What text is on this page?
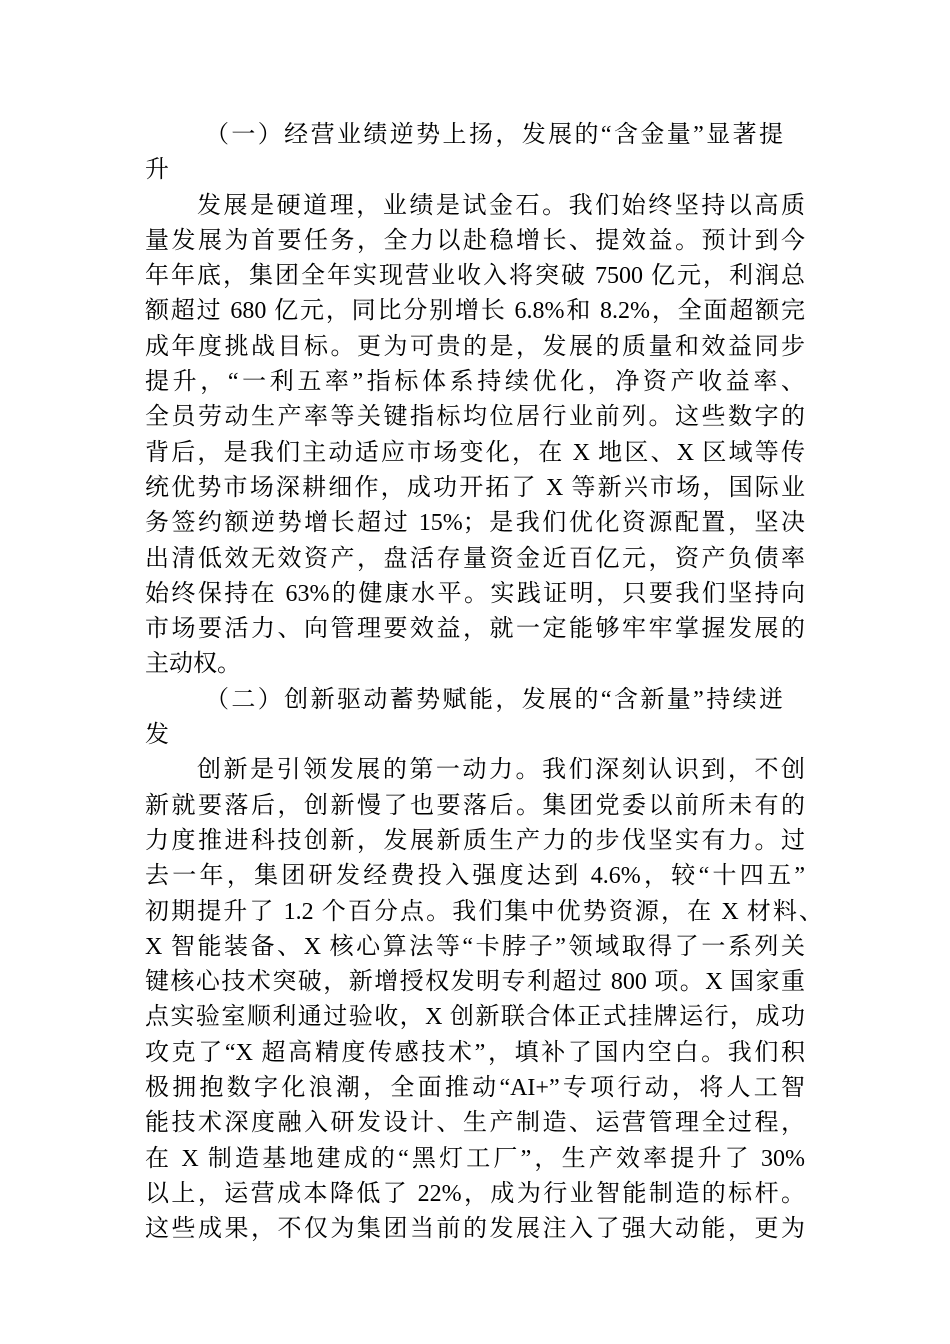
（一）经营业绩逆势上扬，发展的“含金量”显著提
升
发展是硬道理，业绩是试金石。我们始终坚持以高质
量发展为首要任务，全力以赴稳增长、提效益。预计到今
年年底，集团全年实现营业收入将突破 7500 亿元，利润总
额超过 680 亿元，同比分别增长 6.8%和 8.2%，全面超额完
成年度挑战目标。更为可贵的是，发展的质量和效益同步
提升，“一利五率”指标体系持续优化，净资产收益率、
全员劳动生产率等关键指标均位居行业前列。这些数字的
背后，是我们主动适应市场变化，在 X 地区、X 区域等传
统优势市场深耕细作，成功开拓了 X 等新兴市场，国际业
务签约额逆势增长超过 15%；是我们优化资源配置，坚决
出清低效无效资产，盘活存量资金近百亿元，资产负债率
始终保持在 63%的健康水平。实践证明，只要我们坚持向
市场要活力、向管理要效益，就一定能够牢牢掌握发展的
主动权。
（二）创新驱动蓄势赋能，发展的“含新量”持续迸
发
创新是引领发展的第一动力。我们深刻认识到，不创
新就要落后，创新慢了也要落后。集团党委以前所未有的
力度推进科技创新，发展新质生产力的步伐坚实有力。过
去一年，集团研发经费投入强度达到 4.6%，较“十四五”
初期提升了 1.2 个百分点。我们集中优势资源，在 X 材料、
X 智能装备、X 核心算法等“卡脖子”领域取得了一系列关
键核心技术突破，新增授权发明专利超过 800 项。X 国家重
点实验室顺利通过验收，X 创新联合体正式挂牌运行，成功
攻克了“X 超高精度传感技术”，填补了国内空白。我们积
极拥抱数字化浪潮，全面推动“AI+”专项行动，将人工智
能技术深度融入研发设计、生产制造、运营管理全过程，
在 X 制造基地建成的“黑灯工厂”，生产效率提升了 30%
以上，运营成本降低了 22%，成为行业智能制造的标杆。
这些成果，不仅为集团当前的发展注入了强大动能，更为
